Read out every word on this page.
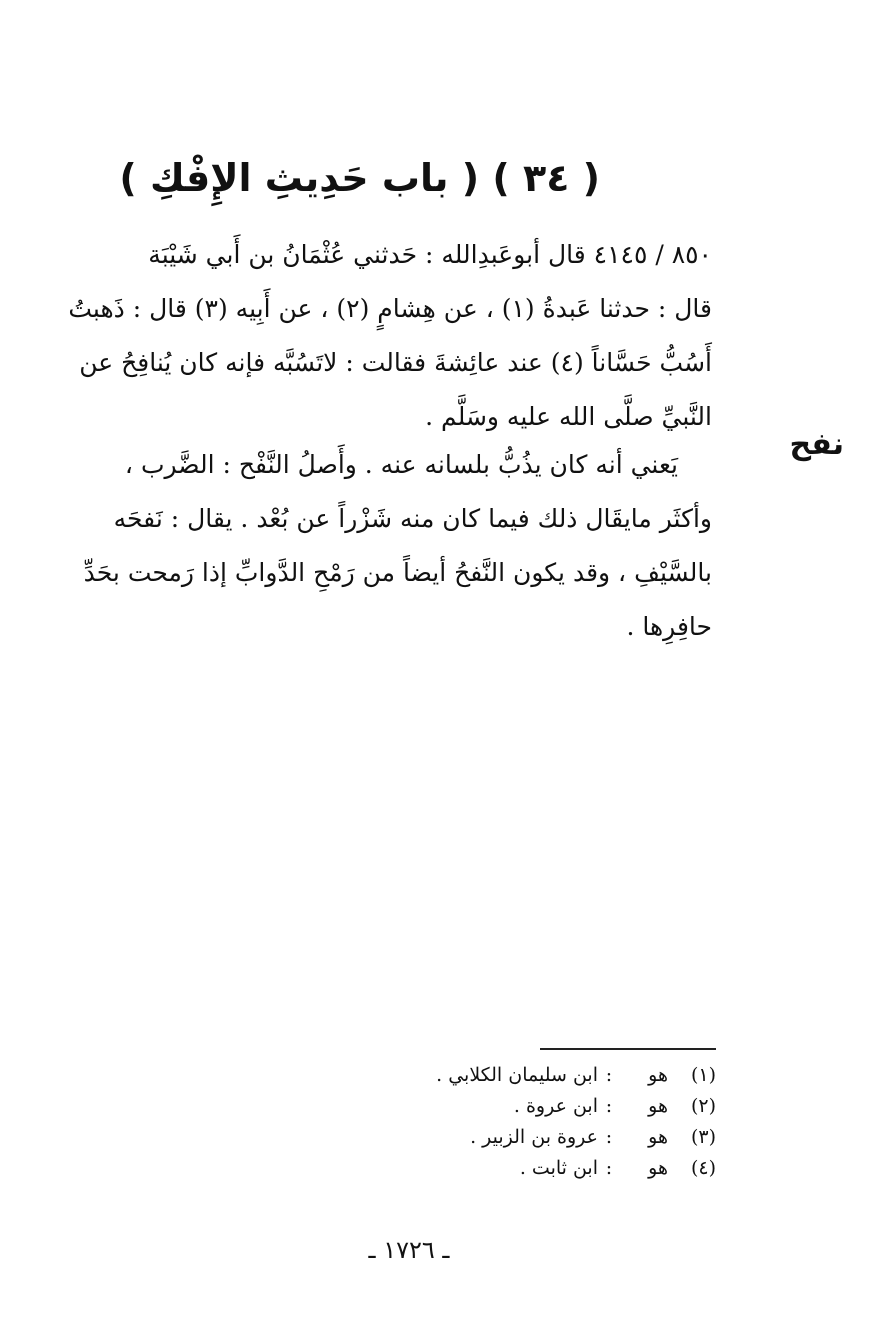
( ٣٤ ) ( باب حَدِيثِ الإِفْكِ )

٨٥٠ / ٤١٤٥ قال أبوعَبدِالله : حَدثني عُثْمَانُ بن أَبي شَيْبَة

قال : حدثنا عَبدةُ (١) ، عن هِشامٍ (٢) ، عن أَبِيه (٣) قال : ذَهبتُ

أَسُبُّ حَسَّاناً (٤) عند عائِشةَ فقالت : لاتَسُبَّه فإنه كان يُنافِحُ عن

النَّبيِّ صلَّى الله عليه وسَلَّم .

نفح

يَعني أنه كان يذُبُّ بلسانه عنه . وأَصلُ النَّفْح : الضَّرب ،

وأكثَر مايقَال ذلك فيما كان منه شَزْراً عن بُعْد . يقال : نَفحَه

بالسَّيْفِ ، وقد يكون النَّفحُ أيضاً من رَمْحِ الدَّوابِّ إذا رَمحت بحَدِّ

حافِرِها .

(١)
هو
:
ابن سليمان الكلابي .
(٢)
هو
:
ابن عروة .
(٣)
هو
:
عروة بن الزبير .
(٤)
هو
:
ابن ثابت .
ـ ١٧٢٦ ـ
